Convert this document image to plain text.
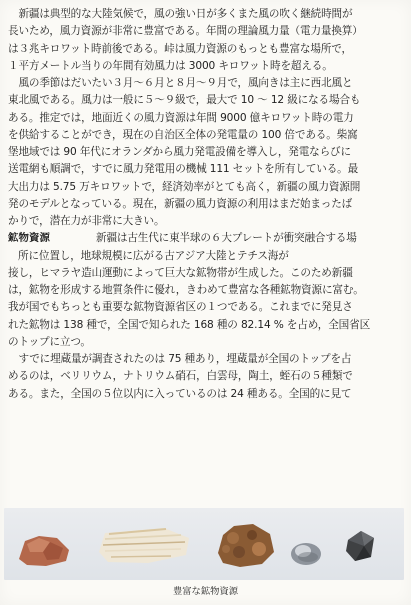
　新疆は典型的な大陸気候で，風の強い日が多くまた風の吹く継続時間が
長いため，風力資源が非常に豊富である。年間の理論風力量（電力量換算）
は３兆キロワット時前後である。峠は風力資源のもっとも豊富な場所で，
１平方メートル当りの年間有効風力は 3000 キロワット時を超える。
　風の季節はだいたい３月～６月と８月～９月で，風向きは主に西北風と
東北風である。風力は一般に５～９級で，最大で 10 ～ 12 級になる場合も
ある。推定では，地面近くの風力資源は年間 9000 億キロワット時の電力
を供給することができ，現在の自治区全体の発電量の 100 倍である。柴窩
堡地域では 90 年代にオランダから風力発電設備を導入し，発電ならびに
送電網も順調で，すでに風力発電用の機械 111 セットを所有している。最
大出力は 5.75 万キロワットで，経済効率がとても高く，新疆の風力資源開
発のモデルとなっている。現在，新疆の風力資源の利用はまだ始まったば
かりで，潜在力が非常に大きい。
鉱物資源	新疆は古生代に東半球の６大プレートが衝突融合する場
所に位置し，地球規模に広がる古アジア大陸とテチス海が
接し，ヒマラヤ造山運動によって巨大な鉱物帯が生成した。このため新疆
は，鉱物を形成する地質条件に優れ，きわめて豊富な各種鉱物資源に富む。
我が国でもちっとも重要な鉱物資源省区の１つである。これまでに発見さ
れた鉱物は 138 種で，全国で知られた 168 種の 82.14 % を占め，全国省区
のトップに立つ。
　すでに埋蔵量が調査されたのは 75 種あり，埋蔵量が全国のトップを占
めるのは，ベリリウム，ナトリウム硝石，白雲母，陶土，蛭石の５種類で
ある。また，全国の５位以内に入っているのは 24 種ある。全国的に見て
豊富な鉱物資源
